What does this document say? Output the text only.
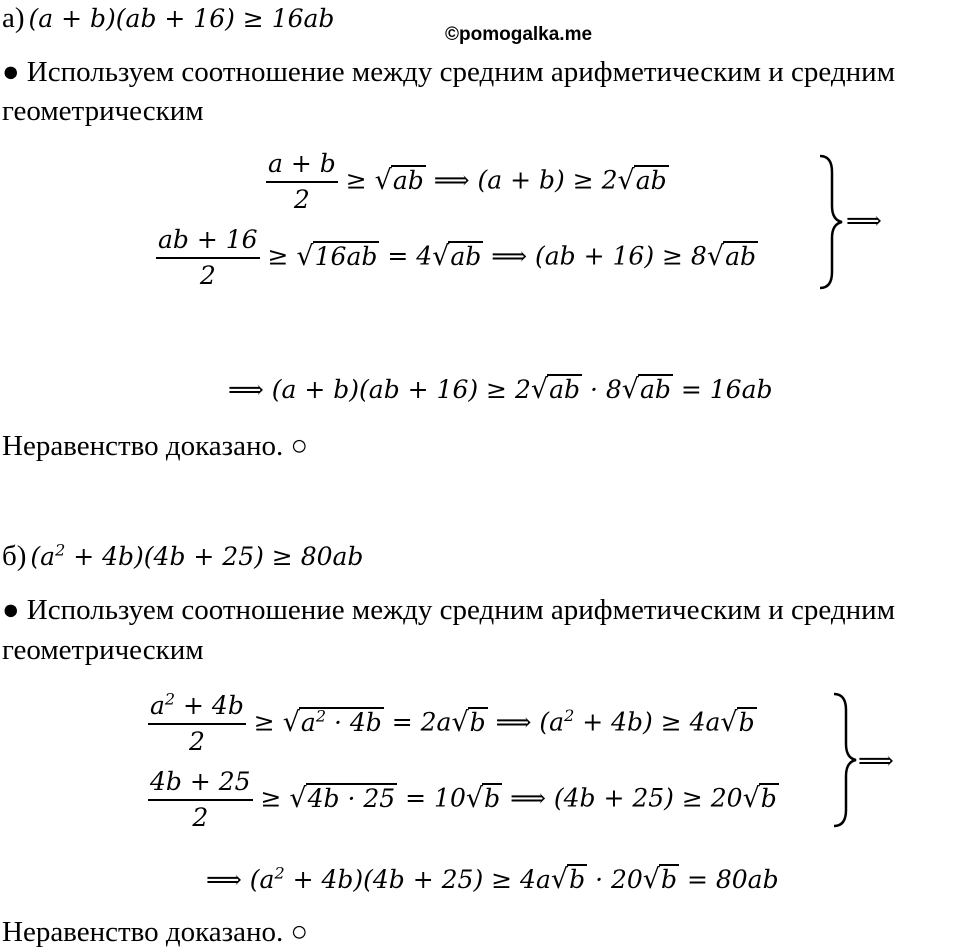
©pomogalka.me
а) (a + b)(ab + 16) ≥ 16ab
● Используем соотношение между средним арифметическим и средним
геометрическим
$\frac{a + b}{2} \ge √ab$ ⟹ (a + b) ≥ 2√ab
$\frac{ab + 16}{2} \ge √16ab = 4√ab$ ⟹ (ab + 16) ≥ 8√ab
⟹
⟹ (a + b)(ab + 16) ≥ 2√ab · 8√ab = 16ab
Неравенство доказано. ○
б) $(a^2 + 4b)(4b + 25) \ge 80ab$
● Используем соотношение между средним арифметическим и средним
геометрическим
$\frac{a^2 + 4b}{2} \ge √a^2 \cdot 4b = 2a√b$ ⟹ $(a^2 + 4b) \ge 4a√b$
$\frac{4b + 25}{2} \ge √4b \cdot 25 = 10√b$ ⟹ (4b + 25) ≥ 20√b
⟹
⟹ $(a^2 + 4b)(4b + 25) \ge 4a√b \cdot 20√b = 80ab$
Неравенство доказано. ○
